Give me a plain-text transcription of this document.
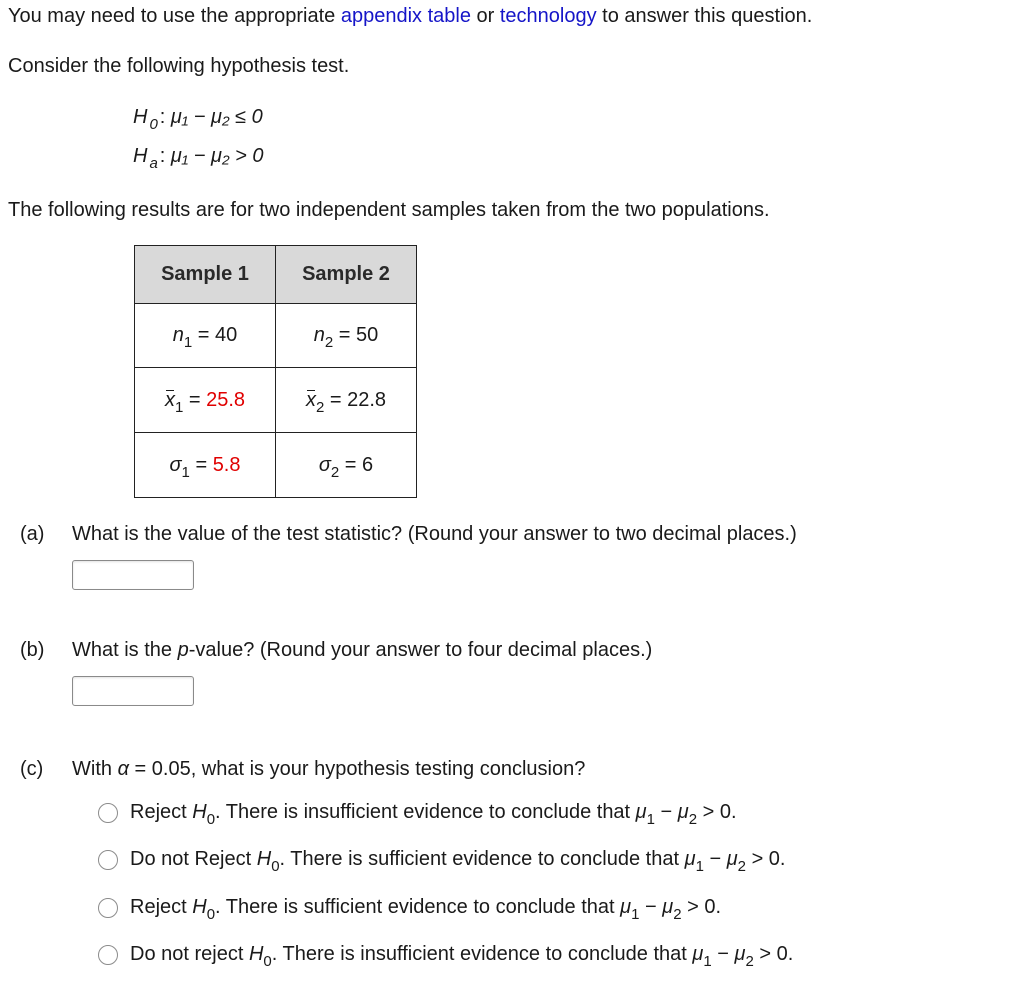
You may need to use the appropriate appendix table or technology to answer this question.
Consider the following hypothesis test.
H $_0$ : μ₁ − μ₂ ≤ 0
H $_a$ : μ₁ − μ₂ > 0
The following results are for two independent samples taken from the two populations.
Sample 1	Sample 2
$n_1 = 40$	$n_2 = 50$
$x_1 = 25.8$	$x_2 = 22.8$
$\sigma_1 = 5.8$	$\sigma_2 = 6$
(a) What is the value of the test statistic? (Round your answer to two decimal places.)
(b) What is the p-value? (Round your answer to four decimal places.)
(c) With α = 0.05, what is your hypothesis testing conclusion?
Reject $H_0$. There is insufficient evidence to conclude that $\mu_1 - \mu_2 > 0$.
Do not Reject $H_0$. There is sufficient evidence to conclude that $\mu_1 - \mu_2 > 0$.
Reject $H_0$. There is sufficient evidence to conclude that $\mu_1 - \mu_2 > 0$.
Do not reject $H_0$. There is insufficient evidence to conclude that $\mu_1 - \mu_2 > 0$.
